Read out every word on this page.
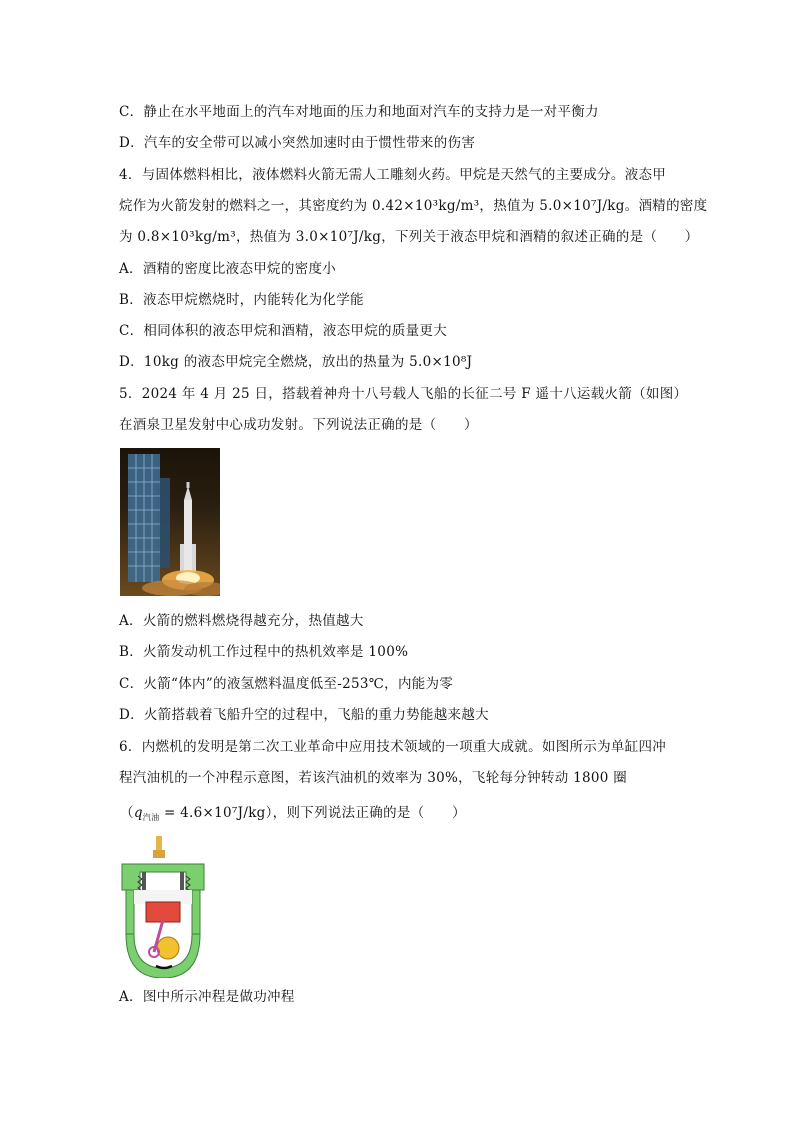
C．静止在水平地面上的汽车对地面的压力和地面对汽车的支持力是一对平衡力
D．汽车的安全带可以减小突然加速时由于惯性带来的伤害
4．与固体燃料相比，液体燃料火箭无需人工雕刻火药。甲烷是天然气的主要成分。液态甲
烷作为火箭发射的燃料之一，其密度约为 0.42×10³kg/m³，热值为 5.0×10⁷J/kg。酒精的密度
为 0.8×10³kg/m³，热值为 3.0×10⁷J/kg，下列关于液态甲烷和酒精的叙述正确的是（　　）
A．酒精的密度比液态甲烷的密度小
B．液态甲烷燃烧时，内能转化为化学能
C．相同体积的液态甲烷和酒精，液态甲烷的质量更大
D．10kg 的液态甲烷完全燃烧，放出的热量为 5.0×10⁸J
5．2024 年 4 月 25 日，搭载着神舟十八号载人飞船的长征二号 F 遥十八运载火箭（如图）
在酒泉卫星发射中心成功发射。下列说法正确的是（　　）
A．火箭的燃料燃烧得越充分，热值越大
B．火箭发动机工作过程中的热机效率是 100%
C．火箭“体内”的液氢燃料温度低至-253℃，内能为零
D．火箭搭载着飞船升空的过程中，飞船的重力势能越来越大
6．内燃机的发明是第二次工业革命中应用技术领域的一项重大成就。如图所示为单缸四冲
程汽油机的一个冲程示意图，若该汽油机的效率为 30%，飞轮每分钟转动 1800 圈
$(q_{汽油} = 4.6\times 10^7J/kg)$，则下列说法正确的是（　　）
A．图中所示冲程是做功冲程
